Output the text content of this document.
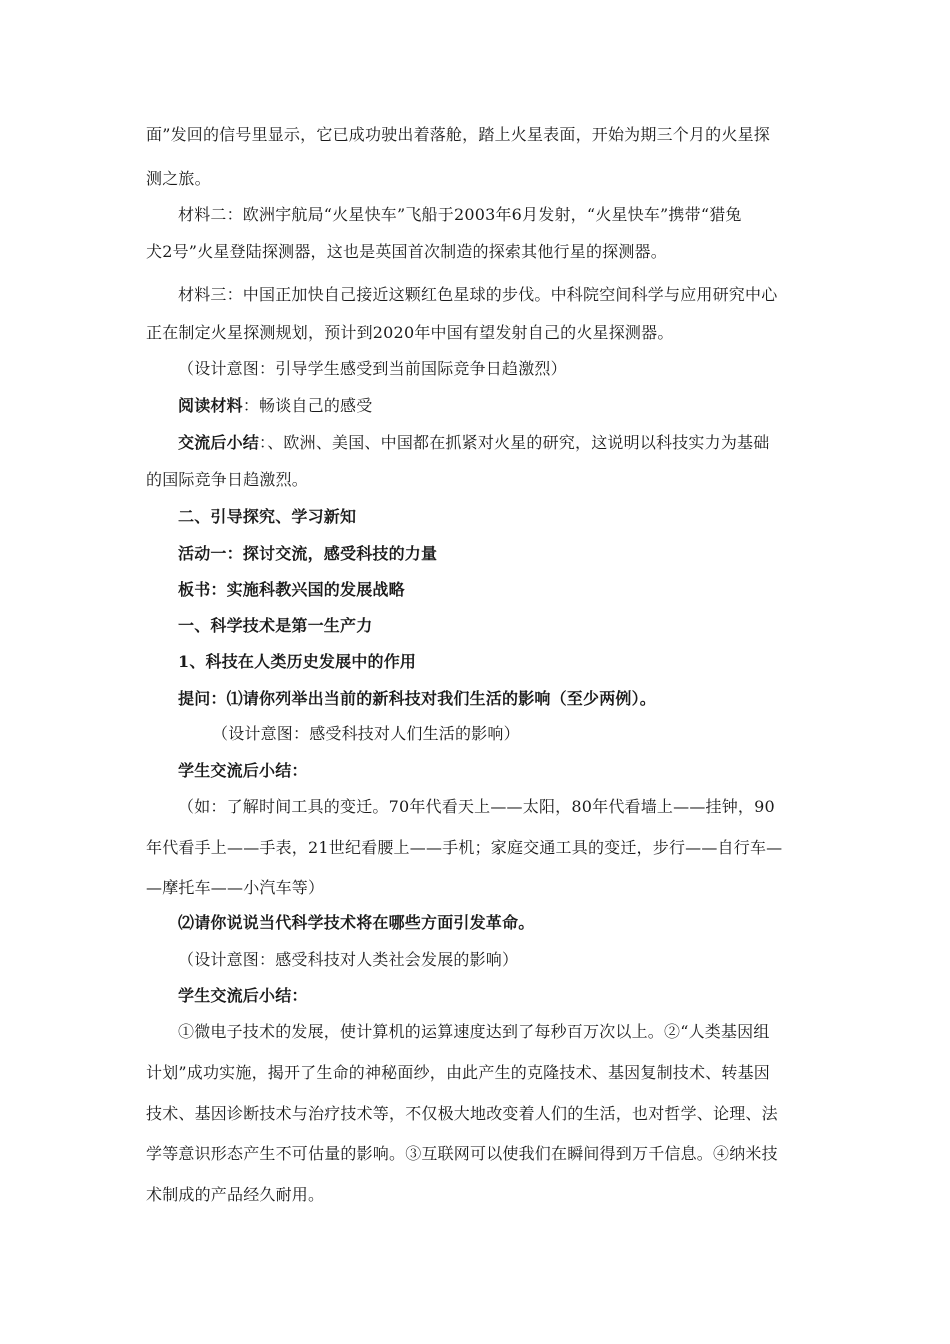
面”发回的信号里显示，它已成功驶出着落舱，踏上火星表面，开始为期三个月的火星探
测之旅。
材料二：欧洲宇航局“火星快车”飞船于2003年6月发射，“火星快车”携带“猎兔
犬2号”火星登陆探测器，这也是英国首次制造的探索其他行星的探测器。
材料三：中国正加快自己接近这颗红色星球的步伐。中科院空间科学与应用研究中心
正在制定火星探测规划，预计到2020年中国有望发射自己的火星探测器。
（设计意图：引导学生感受到当前国际竞争日趋激烈）
阅读材料：畅谈自己的感受
交流后小结：、欧洲、美国、中国都在抓紧对火星的研究，这说明以科技实力为基础
的国际竞争日趋激烈。
二、引导探究、学习新知
活动一：探讨交流，感受科技的力量
板书：实施科教兴国的发展战略
一、科学技术是第一生产力
1、科技在人类历史发展中的作用
提问：⑴请你列举出当前的新科技对我们生活的影响（至少两例）。
（设计意图：感受科技对人们生活的影响）
学生交流后小结：
（如：了解时间工具的变迁。70年代看天上——太阳，80年代看墙上——挂钟，90
年代看手上——手表，21世纪看腰上——手机；家庭交通工具的变迁，步行——自行车—
—摩托车——小汽车等）
⑵请你说说当代科学技术将在哪些方面引发革命。
（设计意图：感受科技对人类社会发展的影响）
学生交流后小结：
①微电子技术的发展，使计算机的运算速度达到了每秒百万次以上。②“人类基因组
计划”成功实施，揭开了生命的神秘面纱，由此产生的克隆技术、基因复制技术、转基因
技术、基因诊断技术与治疗技术等，不仅极大地改变着人们的生活，也对哲学、论理、法
学等意识形态产生不可估量的影响。③互联网可以使我们在瞬间得到万千信息。④纳米技
术制成的产品经久耐用。
